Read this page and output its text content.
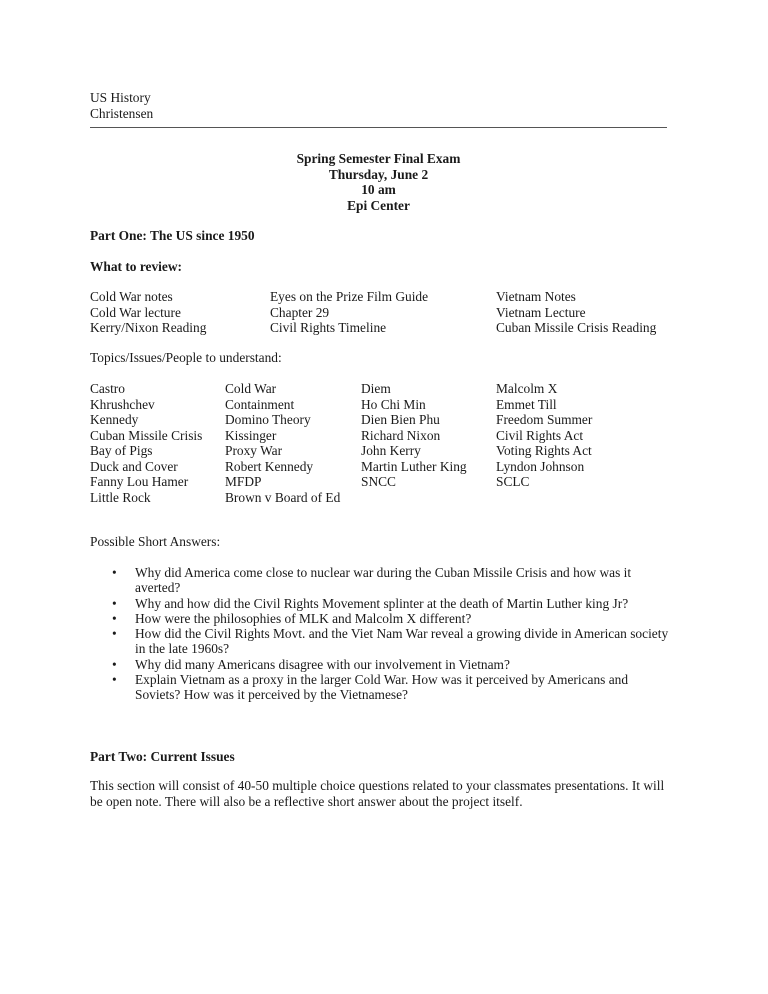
US History
Christensen
Spring Semester Final Exam
Thursday, June 2
10 am
Epi Center
Part One: The US since 1950
What to review:
Cold War notes
Cold War lecture
Kerry/Nixon Reading
Eyes on the Prize Film Guide
Chapter 29
Civil Rights Timeline
Vietnam Notes
Vietnam Lecture
Cuban Missile Crisis Reading
Topics/Issues/People to understand:
Castro
Khrushchev
Kennedy
Cuban Missile Crisis
Bay of Pigs
Duck and Cover
Fanny Lou Hamer
Little Rock
Cold War
Containment
Domino Theory
Kissinger
Proxy War
Robert Kennedy
MFDP
Brown v Board of Ed
Diem
Ho Chi Min
Dien Bien Phu
Richard Nixon
John Kerry
Martin Luther King
SNCC
Malcolm X
Emmet Till
Freedom Summer
Civil Rights Act
Voting Rights Act
Lyndon Johnson
SCLC
Possible Short Answers:
• Why did America come close to nuclear war during the Cuban Missile Crisis and how was it averted?
• Why and how did the Civil Rights Movement splinter at the death of Martin Luther king Jr?
• How were the philosophies of MLK and Malcolm X different?
• How did the Civil Rights Movt. and the Viet Nam War reveal a growing divide in American society in the late 1960s?
• Why did many Americans disagree with our involvement in Vietnam?
• Explain Vietnam as a proxy in the larger Cold War. How was it perceived by Americans and Soviets? How was it perceived by the Vietnamese?
Part Two: Current Issues
This section will consist of 40-50 multiple choice questions related to your classmates presentations. It will be open note. There will also be a reflective short answer about the project itself.
